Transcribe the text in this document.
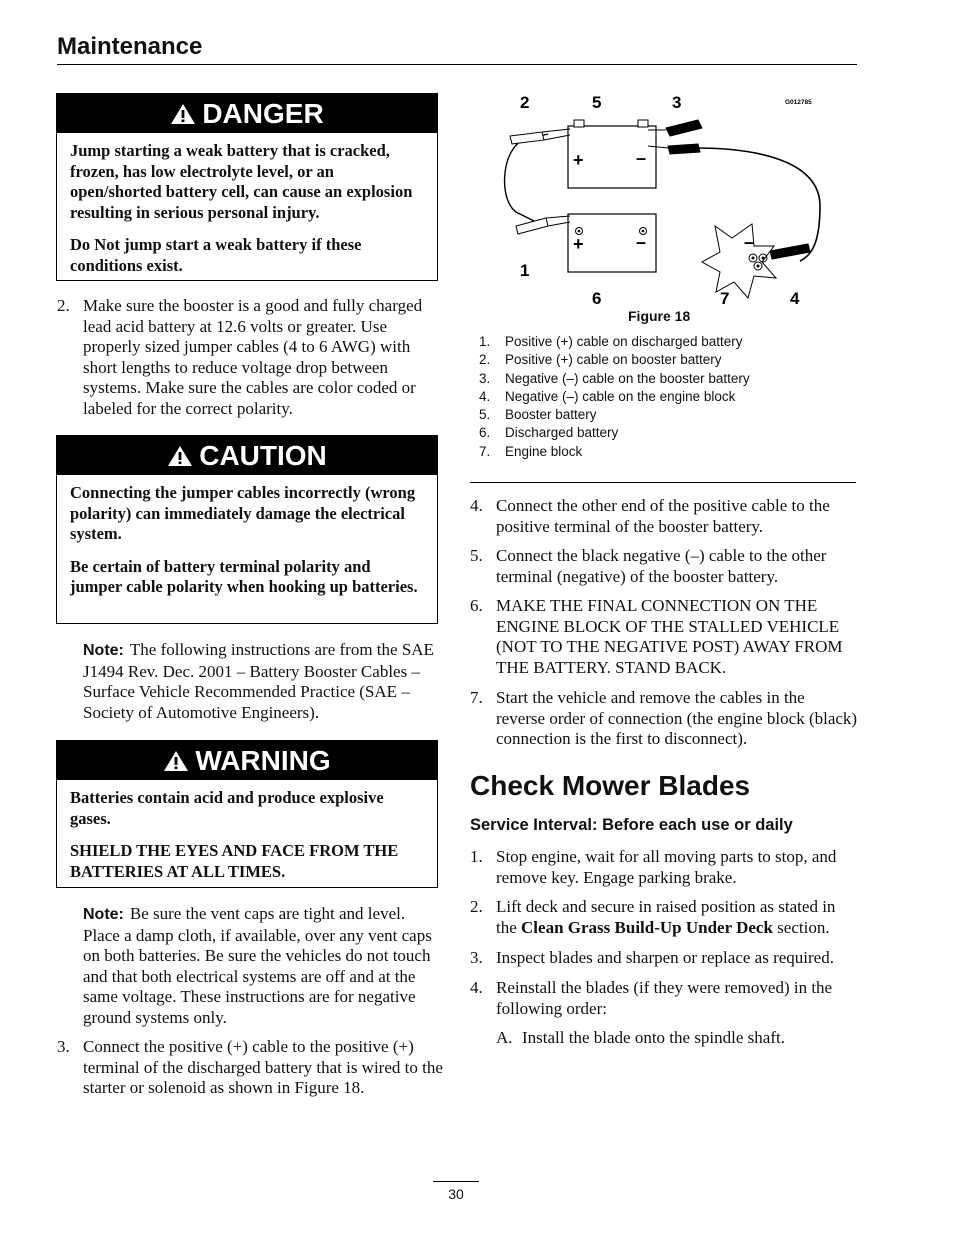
Maintenance
DANGER

Jump starting a weak battery that is cracked, frozen, has low electrolyte level, or an open/shorted battery cell, can cause an explosion resulting in serious personal injury.

Do Not jump start a weak battery if these conditions exist.

2. Make sure the booster is a good and fully charged lead acid battery at 12.6 volts or greater. Use properly sized jumper cables (4 to 6 AWG) with short lengths to reduce voltage drop between systems. Make sure the cables are color coded or labeled for the correct polarity.
CAUTION

Connecting the jumper cables incorrectly (wrong polarity) can immediately damage the electrical system.

Be certain of battery terminal polarity and jumper cable polarity when hooking up batteries.

Note: The following instructions are from the SAE J1494 Rev. Dec. 2001 – Battery Booster Cables – Surface Vehicle Recommended Practice (SAE – Society of Automotive Engineers).
WARNING

Batteries contain acid and produce explosive gases.

SHIELD THE EYES AND FACE FROM THE BATTERIES AT ALL TIMES.

Note: Be sure the vent caps are tight and level. Place a damp cloth, if available, over any vent caps on both batteries. Be sure the vehicles do not touch and that both electrical systems are off and at the same voltage. These instructions are for negative ground systems only.
3. Connect the positive (+) cable to the positive (+) terminal of the discharged battery that is wired to the starter or solenoid as shown in Figure 18.
+	–
+	–	–
G012785
2	5	3
1
6	7	4
Figure 18
1. Positive (+) cable on discharged battery
2. Positive (+) cable on booster battery
3. Negative (–) cable on the booster battery
4. Negative (–) cable on the engine block
5. Booster battery
6. Discharged battery
7. Engine block
4. Connect the other end of the positive cable to the positive terminal of the booster battery.
5. Connect the black negative (–) cable to the other terminal (negative) of the booster battery.
6. MAKE THE FINAL CONNECTION ON THE ENGINE BLOCK OF THE STALLED VEHICLE (NOT TO THE NEGATIVE POST) AWAY FROM THE BATTERY. STAND BACK.
7. Start the vehicle and remove the cables in the reverse order of connection (the engine block (black) connection is the first to disconnect).
Check Mower Blades
Service Interval: Before each use or daily
1. Stop engine, wait for all moving parts to stop, and remove key. Engage parking brake.
2. Lift deck and secure in raised position as stated in the Clean Grass Build-Up Under Deck section.
3. Inspect blades and sharpen or replace as required.
4. Reinstall the blades (if they were removed) in the following order:
A. Install the blade onto the spindle shaft.
30
